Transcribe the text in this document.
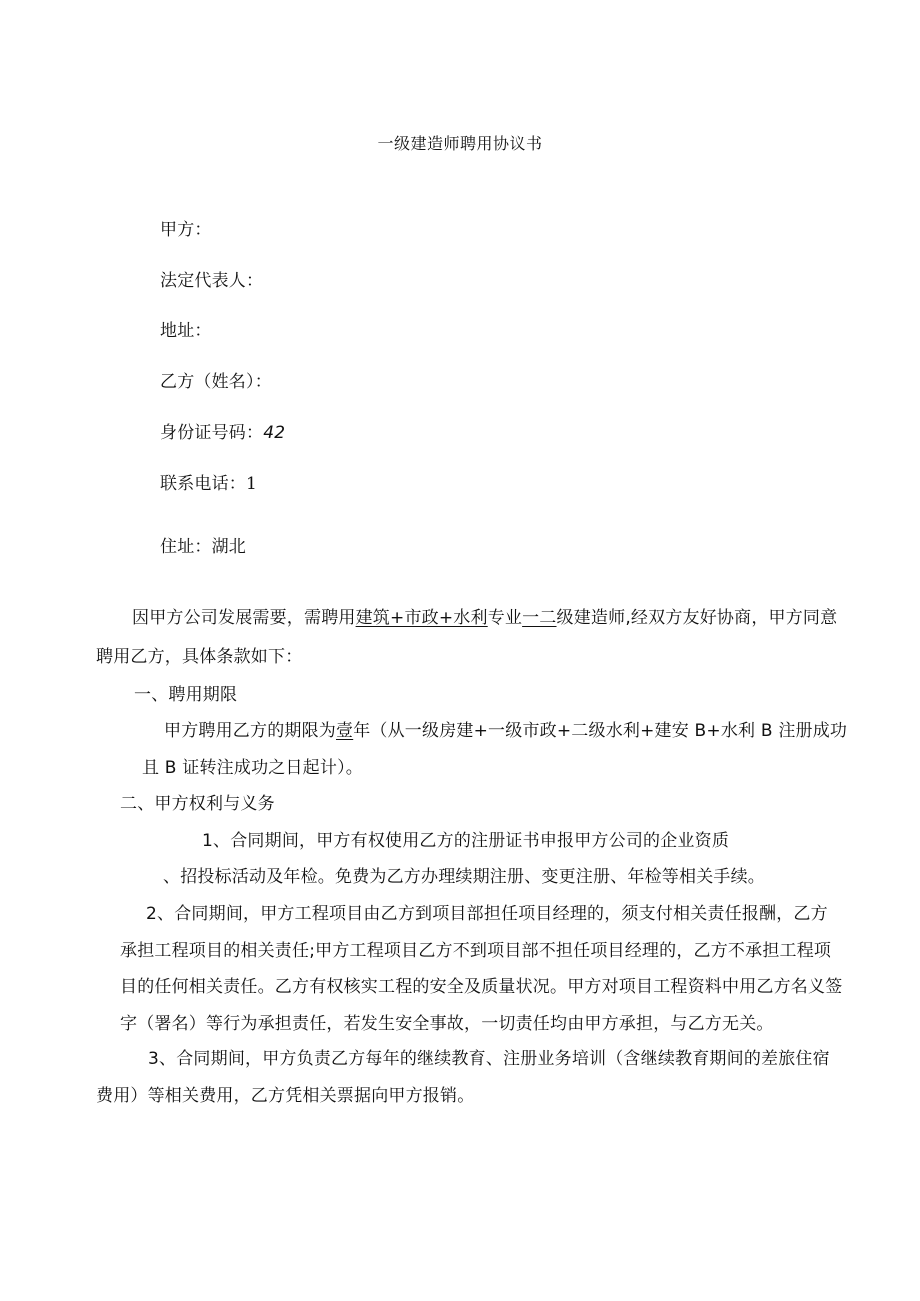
一级建造师聘用协议书
甲方：
法定代表人：
地址：
乙方（姓名）：
身份证号码：42
联系电话：1
住址：湖北
因甲方公司发展需要，需聘用建筑+市政+水利专业一二级建造师,经双方友好协商，甲方同意
聘用乙方，具体条款如下：
一、聘用期限
甲方聘用乙方的期限为壹年（从一级房建+一级市政+二级水利+建安 B+水利 B 注册成功
且 B 证转注成功之日起计）。
二、甲方权利与义务
1、合同期间，甲方有权使用乙方的注册证书申报甲方公司的企业资质
、招投标活动及年检。免费为乙方办理续期注册、变更注册、年检等相关手续。
2、合同期间，甲方工程项目由乙方到项目部担任项目经理的，须支付相关责任报酬，乙方
承担工程项目的相关责任;甲方工程项目乙方不到项目部不担任项目经理的，乙方不承担工程项
目的任何相关责任。乙方有权核实工程的安全及质量状况。甲方对项目工程资料中用乙方名义签
字（署名）等行为承担责任，若发生安全事故，一切责任均由甲方承担，与乙方无关。
3、合同期间，甲方负责乙方每年的继续教育、注册业务培训（含继续教育期间的差旅住宿
费用）等相关费用，乙方凭相关票据向甲方报销。
